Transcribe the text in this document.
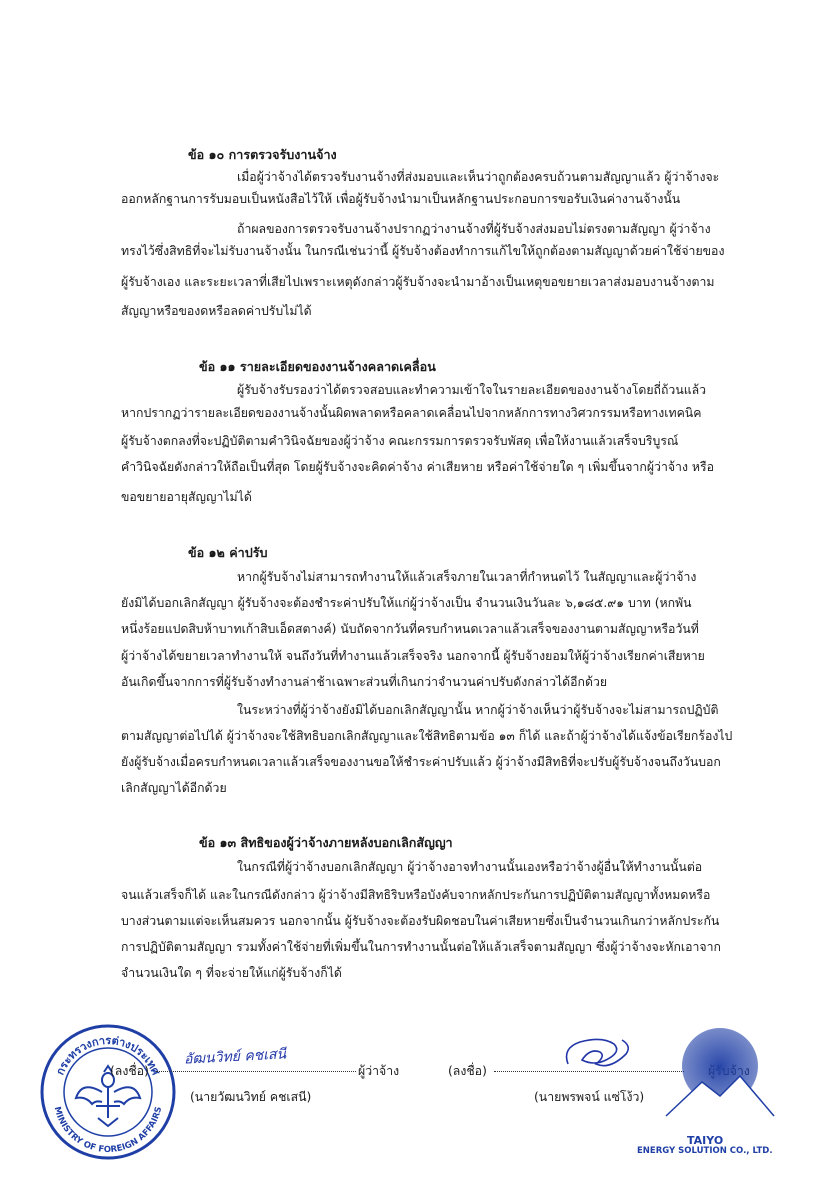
ข้อ ๑๐ การตรวจรับงานจ้าง
เมื่อผู้ว่าจ้างได้ตรวจรับงานจ้างที่ส่งมอบและเห็นว่าถูกต้องครบถ้วนตามสัญญาแล้ว ผู้ว่าจ้างจะ
ออกหลักฐานการรับมอบเป็นหนังสือไว้ให้ เพื่อผู้รับจ้างนำมาเป็นหลักฐานประกอบการขอรับเงินค่างานจ้างนั้น
ถ้าผลของการตรวจรับงานจ้างปรากฏว่างานจ้างที่ผู้รับจ้างส่งมอบไม่ตรงตามสัญญา ผู้ว่าจ้าง
ทรงไว้ซึ่งสิทธิที่จะไม่รับงานจ้างนั้น ในกรณีเช่นว่านี้ ผู้รับจ้างต้องทำการแก้ไขให้ถูกต้องตามสัญญาด้วยค่าใช้จ่ายของ
ผู้รับจ้างเอง และระยะเวลาที่เสียไปเพราะเหตุดังกล่าวผู้รับจ้างจะนำมาอ้างเป็นเหตุขอขยายเวลาส่งมอบงานจ้างตาม
สัญญาหรือของดหรือลดค่าปรับไม่ได้
ข้อ ๑๑ รายละเอียดของงานจ้างคลาดเคลื่อน
ผู้รับจ้างรับรองว่าได้ตรวจสอบและทำความเข้าใจในรายละเอียดของงานจ้างโดยถี่ถ้วนแล้ว
หากปรากฏว่ารายละเอียดของงานจ้างนั้นผิดพลาดหรือคลาดเคลื่อนไปจากหลักการทางวิศวกรรมหรือทางเทคนิค
ผู้รับจ้างตกลงที่จะปฏิบัติตามคำวินิจฉัยของผู้ว่าจ้าง คณะกรรมการตรวจรับพัสดุ เพื่อให้งานแล้วเสร็จบริบูรณ์
คำวินิจฉัยดังกล่าวให้ถือเป็นที่สุด โดยผู้รับจ้างจะคิดค่าจ้าง ค่าเสียหาย หรือค่าใช้จ่ายใด ๆ เพิ่มขึ้นจากผู้ว่าจ้าง หรือ
ขอขยายอายุสัญญาไม่ได้
ข้อ ๑๒ ค่าปรับ
หากผู้รับจ้างไม่สามารถทำงานให้แล้วเสร็จภายในเวลาที่กำหนดไว้ ในสัญญาและผู้ว่าจ้าง
ยังมิได้บอกเลิกสัญญา ผู้รับจ้างจะต้องชำระค่าปรับให้แก่ผู้ว่าจ้างเป็น จำนวนเงินวันละ ๖,๑๘๕.๙๑ บาท (หกพัน
หนึ่งร้อยแปดสิบห้าบาทเก้าสิบเอ็ดสตางค์) นับถัดจากวันที่ครบกำหนดเวลาแล้วเสร็จของงานตามสัญญาหรือวันที่
ผู้ว่าจ้างได้ขยายเวลาทำงานให้ จนถึงวันที่ทำงานแล้วเสร็จจริง นอกจากนี้ ผู้รับจ้างยอมให้ผู้ว่าจ้างเรียกค่าเสียหาย
อันเกิดขึ้นจากการที่ผู้รับจ้างทำงานล่าช้าเฉพาะส่วนที่เกินกว่าจำนวนค่าปรับดังกล่าวได้อีกด้วย
ในระหว่างที่ผู้ว่าจ้างยังมิได้บอกเลิกสัญญานั้น หากผู้ว่าจ้างเห็นว่าผู้รับจ้างจะไม่สามารถปฏิบัติ
ตามสัญญาต่อไปได้ ผู้ว่าจ้างจะใช้สิทธิบอกเลิกสัญญาและใช้สิทธิตามข้อ ๑๓ ก็ได้ และถ้าผู้ว่าจ้างได้แจ้งข้อเรียกร้องไป
ยังผู้รับจ้างเมื่อครบกำหนดเวลาแล้วเสร็จของงานขอให้ชำระค่าปรับแล้ว ผู้ว่าจ้างมีสิทธิที่จะปรับผู้รับจ้างจนถึงวันบอก
เลิกสัญญาได้อีกด้วย
ข้อ ๑๓ สิทธิของผู้ว่าจ้างภายหลังบอกเลิกสัญญา
ในกรณีที่ผู้ว่าจ้างบอกเลิกสัญญา ผู้ว่าจ้างอาจทำงานนั้นเองหรือว่าจ้างผู้อื่นให้ทำงานนั้นต่อ
จนแล้วเสร็จก็ได้ และในกรณีดังกล่าว ผู้ว่าจ้างมีสิทธิริบหรือบังคับจากหลักประกันการปฏิบัติตามสัญญาทั้งหมดหรือ
บางส่วนตามแต่จะเห็นสมควร นอกจากนั้น ผู้รับจ้างจะต้องรับผิดชอบในค่าเสียหายซึ่งเป็นจำนวนเกินกว่าหลักประกัน
การปฏิบัติตามสัญญา รวมทั้งค่าใช้จ่ายที่เพิ่มขึ้นในการทำงานนั้นต่อให้แล้วเสร็จตามสัญญา ซึ่งผู้ว่าจ้างจะหักเอาจาก
จำนวนเงินใด ๆ ที่จะจ่ายให้แก่ผู้รับจ้างก็ได้
กระทรวงการต่างประเทศ
MINISTRY OF FOREIGN AFFAIRS
(ลงชื่อ)
อัฒนวิทย์ คชเสนี
ผู้ว่าจ้าง
(นายวัฒนวิทย์ คชเสนี)
(ลงชื่อ)
(นายพรพจน์ แซ่โง้ว)
TAIYO
ENERGY SOLUTION CO., LTD.
